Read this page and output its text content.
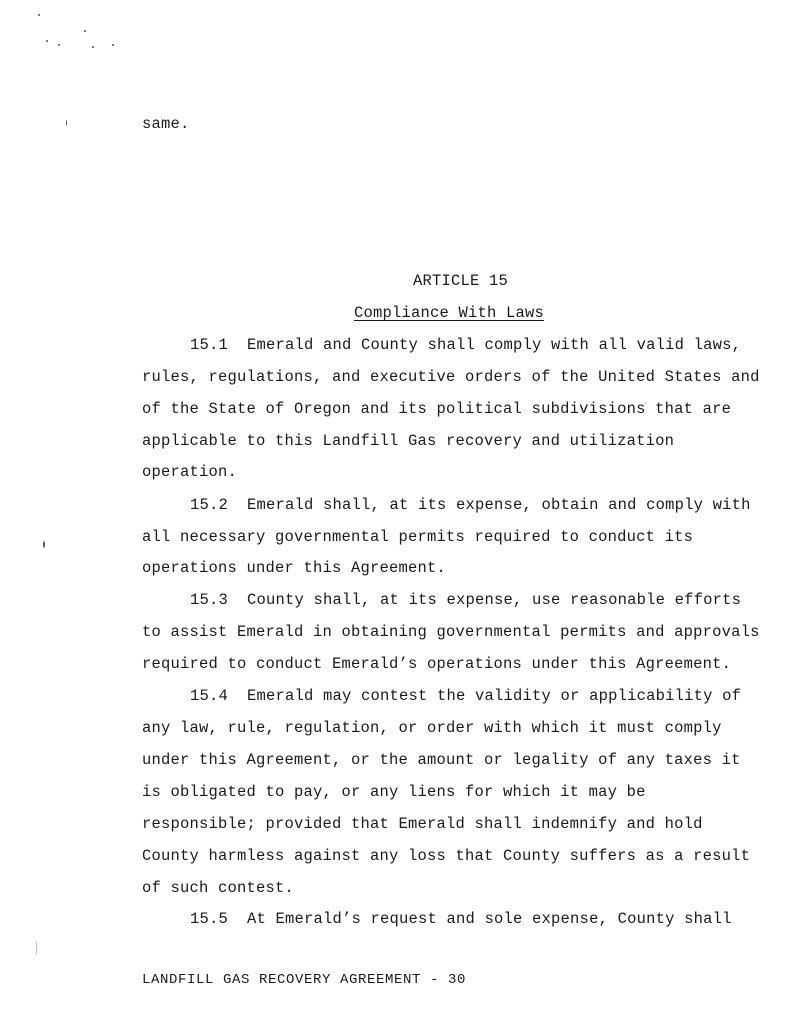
same.
ARTICLE 15
Compliance With Laws
15.1  Emerald and County shall comply with all valid laws,
rules, regulations, and executive orders of the United States and
of the State of Oregon and its political subdivisions that are
applicable to this Landfill Gas recovery and utilization
operation.
15.2  Emerald shall, at its expense, obtain and comply with
all necessary governmental permits required to conduct its
operations under this Agreement.
15.3  County shall, at its expense, use reasonable efforts
to assist Emerald in obtaining governmental permits and approvals
required to conduct Emerald’s operations under this Agreement.
15.4  Emerald may contest the validity or applicability of
any law, rule, regulation, or order with which it must comply
under this Agreement, or the amount or legality of any taxes it
is obligated to pay, or any liens for which it may be
responsible; provided that Emerald shall indemnify and hold
County harmless against any loss that County suffers as a result
of such contest.
15.5  At Emerald’s request and sole expense, County shall
LANDFILL GAS RECOVERY AGREEMENT - 30
